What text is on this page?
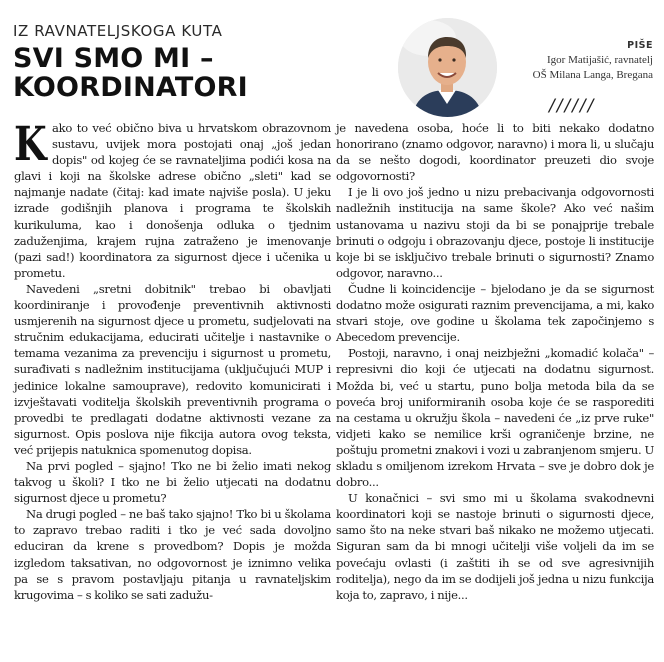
IZ RAVNATELJSKOGA KUTA
SVI SMO MI –
KOORDINATORI
PIŠE
Igor Matijašić, ravnatelj
OŠ Milana Langa, Bregana
//////

Kako to već obično biva u hrvatskom obrazovnom sustavu, uvijek mora postojati onaj „još jedan dopis" od kojeg će se ravnateljima podići kosa na glavi i koji na školske adrese obično „sleti" kad se najmanje nadate (čitaj: kad imate najviše posla). U jeku izrade godišnjih planova i programa te školskih kurikuluma, kao i donošenja odluka o tjednim zaduženjima, krajem rujna zatraženo je imenovanje (pazi sad!) koordinatora za sigurnost djece i učenika u prometu.

Navedeni „sretni dobitnik" trebao bi obavljati koordiniranje i provođenje preventivnih aktivnosti usmjerenih na sigurnost djece u prometu, sudjelovati na stručnim edukacijama, educirati učitelje i nastavnike o temama vezanima za prevenciju i sigurnost u prometu, surađivati s nadležnim institucijama (uključujući MUP i jedinice lokalne samouprave), redovito komunicirati i izvještavati voditelja školskih preventivnih programa o provedbi te predlagati dodatne aktivnosti vezane za sigurnost. Opis poslova nije fikcija autora ovog teksta, već prijepis natuknica spomenutog dopisa.

Na prvi pogled – sjajno! Tko ne bi želio imati nekog takvog u školi? I tko ne bi želio utjecati na dodatnu sigurnost djece u prometu?

Na drugi pogled – ne baš tako sjajno! Tko bi u školama to zapravo trebao raditi i tko je već sada dovoljno educiran da krene s provedbom? Dopis je možda izgledom taksativan, no odgovornost je iznimno velika pa se s pravom postavljaju pitanja u ravnateljskim krugovima – s koliko se sati zadužu-

je navedena osoba, hoće li to biti nekako dodatno honorirano (znamo odgovor, naravno) i mora li, u slučaju da se nešto dogodi, koordinator preuzeti dio svoje odgovornosti?

I je li ovo još jedno u nizu prebacivanja odgovornosti nadležnih institucija na same škole? Ako već našim ustanovama u nazivu stoji da bi se ponajprije trebale brinuti o odgoju i obrazovanju djece, postoje li institucije koje bi se isključivo trebale brinuti o sigurnosti? Znamo odgovor, naravno...

Čudne li koincidencije – bjelodano je da se sigurnost dodatno može osigurati raznim prevencijama, a mi, kako stvari stoje, ove godine u školama tek započinjemo s Abecedom prevencije.

Postoji, naravno, i onaj neizbježni „komadić kolača" – represivni dio koji će utjecati na dodatnu sigurnost. Možda bi, već u startu, puno bolja metoda bila da se poveća broj uniformiranih osoba koje će se rasporediti na cestama u okružju škola – navedeni će „iz prve ruke" vidjeti kako se nemilice krši ograničenje brzine, ne poštuju prometni znakovi i vozi u zabranjenom smjeru. U skladu s omiljenom izrekom Hrvata – sve je dobro dok je dobro...

U konačnici – svi smo mi u školama svakodnevni koordinatori koji se nastoje brinuti o sigurnosti djece, samo što na neke stvari baš nikako ne možemo utjecati. Siguran sam da bi mnogi učitelji više voljeli da im se povećaju ovlasti (i zaštiti ih se od sve agresivnijih roditelja), nego da im se dodijeli još jedna u nizu funkcija koja to, zapravo, i nije...
